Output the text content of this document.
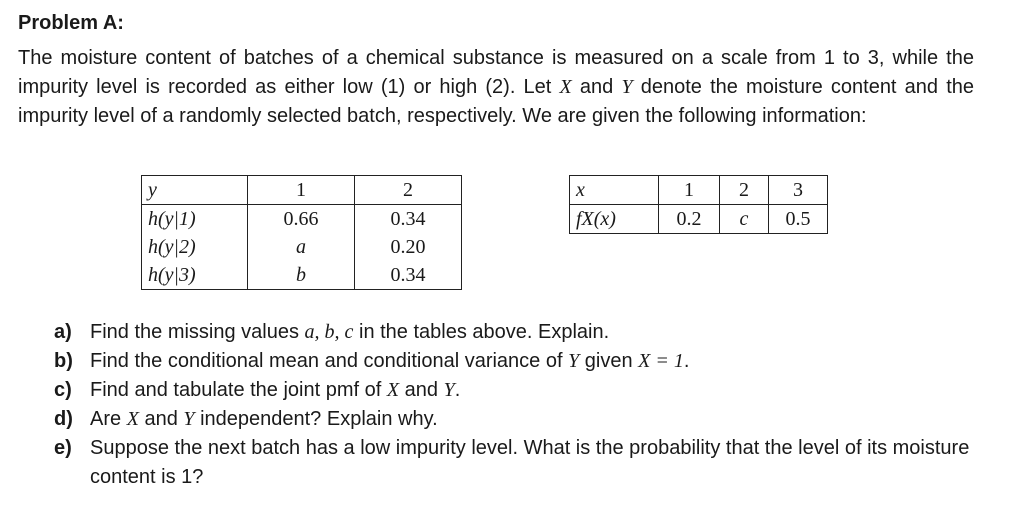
Problem A:
The moisture content of batches of a chemical substance is measured on a scale from 1 to 3, while the impurity level is recorded as either low (1) or high (2). Let X and Y denote the moisture content and the impurity level of a randomly selected batch, respectively. We are given the following information:
y	1	2
h(y|1)	0.66	0.34
h(y|2)	a	0.20
h(y|3)	b	0.34
x	1	2	3
fX(x)	0.2	c	0.5
a) Find the missing values a, b, c in the tables above. Explain.
b) Find the conditional mean and conditional variance of Y given X = 1.
c) Find and tabulate the joint pmf of X and Y.
d) Are X and Y independent? Explain why.
e) Suppose the next batch has a low impurity level. What is the probability that the level of its moisture content is 1?
